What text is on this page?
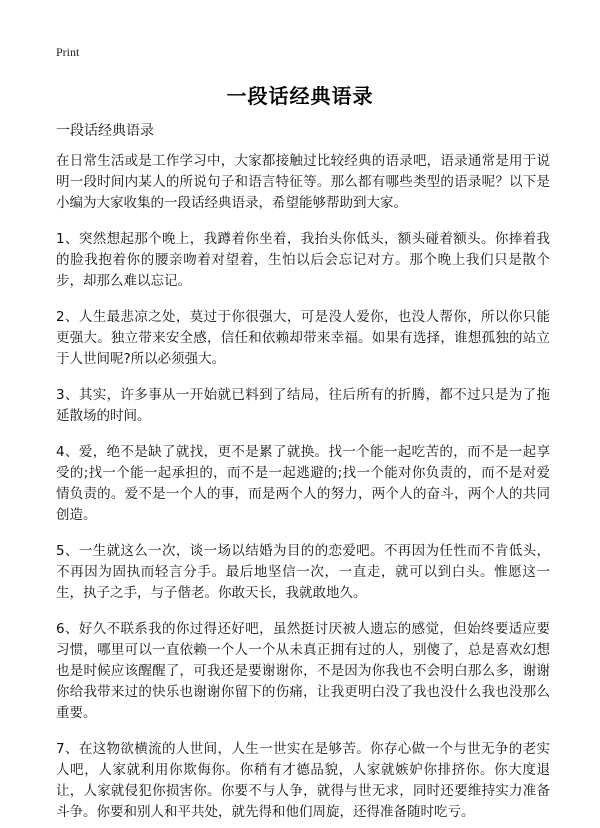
Print
一段话经典语录
一段话经典语录

在日常生活或是工作学习中，大家都接触过比较经典的语录吧，语录通常是用于说明一段时间内某人的所说句子和语言特征等。那么都有哪些类型的语录呢？以下是小编为大家收集的一段话经典语录，希望能够帮助到大家。

1、突然想起那个晚上，我蹲着你坐着，我抬头你低头，额头碰着额头。你捧着我的脸我抱着你的腰亲吻着对望着，生怕以后会忘记对方。那个晚上我们只是散个步，却那么难以忘记。

2、人生最悲凉之处，莫过于你很强大，可是没人爱你，也没人帮你，所以你只能更强大。独立带来安全感，信任和依赖却带来幸福。如果有选择，谁想孤独的站立于人世间呢?所以必须强大。

3、其实，许多事从一开始就已料到了结局，往后所有的折腾，都不过只是为了拖延散场的时间。

4、爱，绝不是缺了就找，更不是累了就换。找一个能一起吃苦的，而不是一起享受的;找一个能一起承担的，而不是一起逃避的;找一个能对你负责的，而不是对爱情负责的。爱不是一个人的事，而是两个人的努力，两个人的奋斗，两个人的共同创造。

5、一生就这么一次，谈一场以结婚为目的的恋爱吧。不再因为任性而不肯低头，不再因为固执而轻言分手。最后地坚信一次，一直走，就可以到白头。惟愿这一生，执子之手，与子偕老。你敢天长，我就敢地久。

6、好久不联系我的你过得还好吧，虽然挺讨厌被人遗忘的感觉，但始终要适应要习惯，哪里可以一直依赖一个人一个从未真正拥有过的人，别傻了，总是喜欢幻想也是时候应该醒醒了，可我还是要谢谢你，不是因为你我也不会明白那么多，谢谢你给我带来过的快乐也谢谢你留下的伤痛，让我更明白没了我也没什么我也没那么重要。

7、在这物欲横流的人世间，人生一世实在是够苦。你存心做一个与世无争的老实人吧，人家就利用你欺侮你。你稍有才德品貌，人家就嫉妒你排挤你。你大度退让，人家就侵犯你损害你。你要不与人争，就得与世无求，同时还要维持实力准备斗争。你要和别人和平共处，就先得和他们周旋，还得准备随时吃亏。
